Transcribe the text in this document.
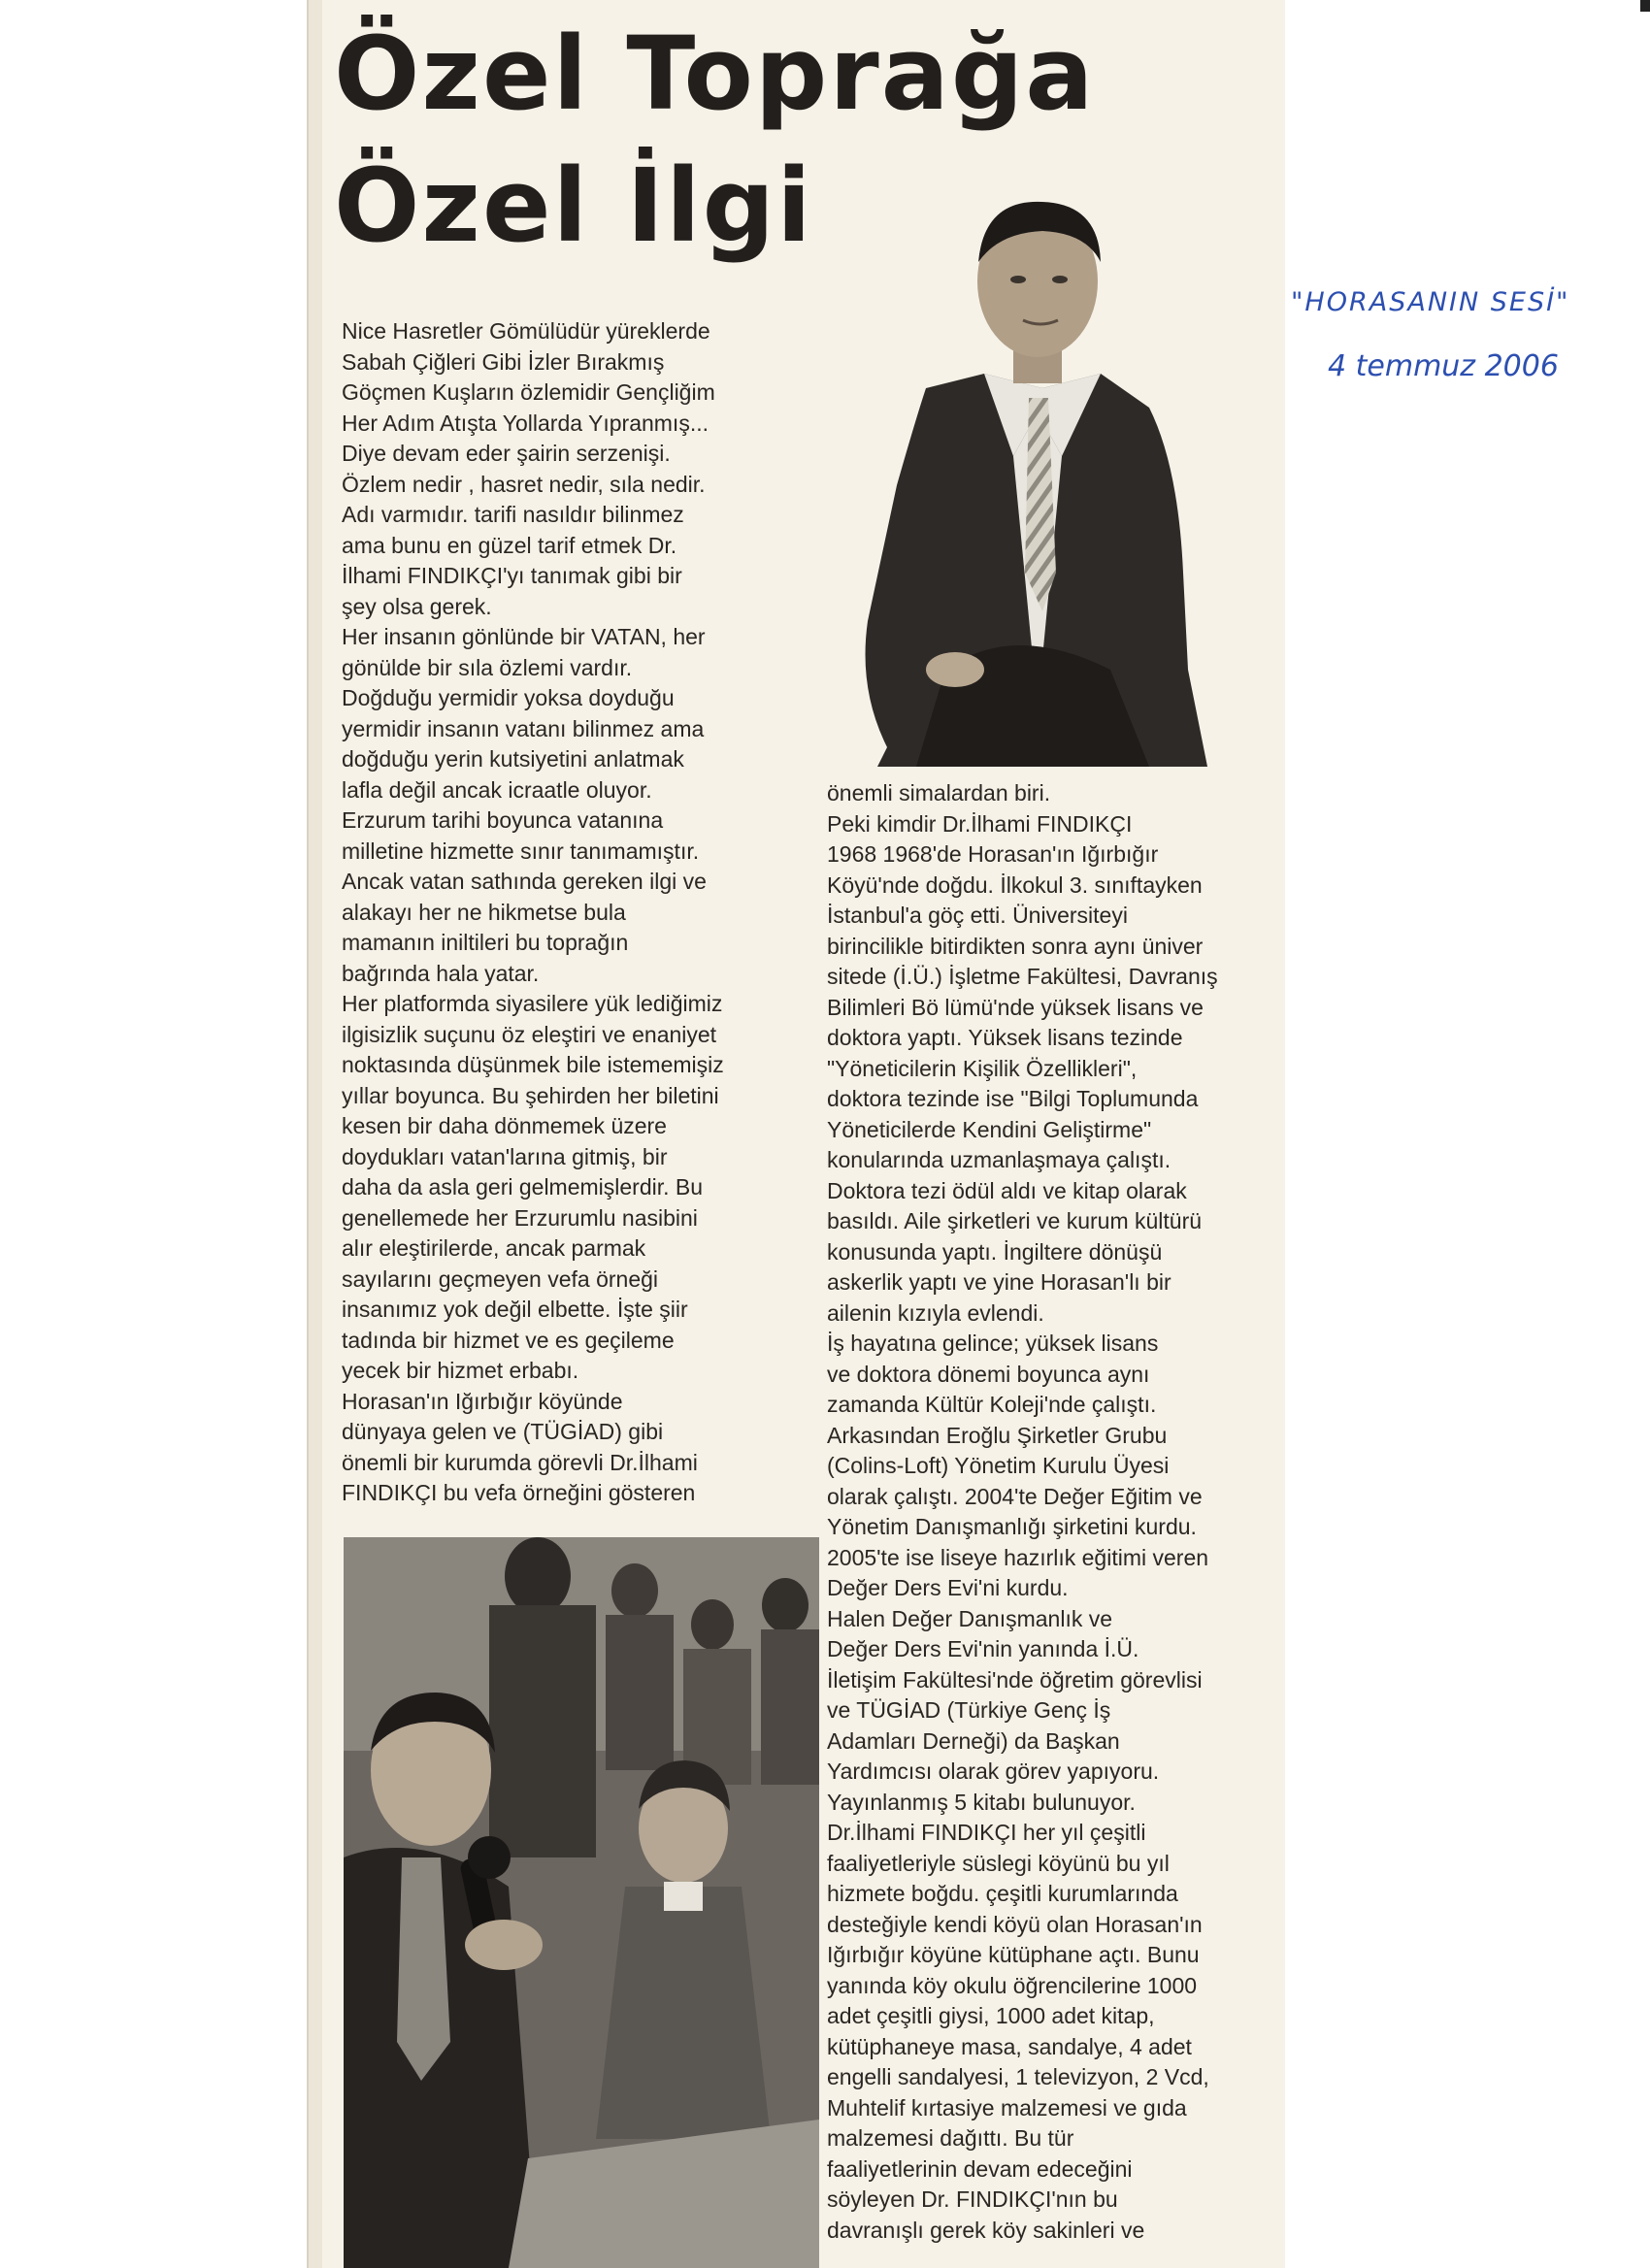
Özel Toprağa
Özel İlgi
Nice Hasretler Gömülüdür yüreklerde
Sabah Çiğleri Gibi İzler Bırakmış
Göçmen Kuşların özlemidir Gençliğim
Her Adım Atışta Yollarda Yıpranmış...
Diye devam eder şairin serzenişi.
Özlem nedir , hasret nedir, sıla nedir.
Adı varmıdır. tarifi nasıldır bilinmez
ama bunu en güzel tarif etmek Dr.
İlhami FINDIKÇI'yı tanımak gibi bir
şey olsa gerek.
Her insanın gönlünde bir VATAN, her
gönülde bir sıla özlemi vardır.
Doğduğu yermidir yoksa doyduğu
yermidir insanın vatanı bilinmez ama
doğduğu yerin kutsiyetini anlatmak
lafla değil ancak icraatle oluyor.
Erzurum tarihi boyunca vatanına
milletine hizmette sınır tanımamıştır.
Ancak vatan sathında gereken ilgi ve
alakayı her ne hikmetse bula
mamanın iniltileri bu toprağın
bağrında hala yatar.
Her platformda siyasilere yük lediğimiz
ilgisizlik suçunu öz eleştiri ve enaniyet
noktasında düşünmek bile istememişiz
yıllar boyunca. Bu şehirden her biletini
kesen bir daha dönmemek üzere
doydukları vatan'larına gitmiş, bir
daha da asla geri gelmemişlerdir. Bu
genellemede her Erzurumlu nasibini
alır eleştirilerde, ancak parmak
sayılarını geçmeyen vefa örneği
insanımız yok değil elbette. İşte şiir
tadında bir hizmet ve es geçileme
yecek bir hizmet erbabı.
Horasan'ın Iğırbığır köyünde
dünyaya gelen ve (TÜGİAD) gibi
önemli bir kurumda görevli Dr.İlhami
FINDIKÇI bu vefa örneğini gösteren
önemli simalardan biri.
Peki kimdir Dr.İlhami FINDIKÇI
1968 1968'de Horasan'ın Iğırbığır
Köyü'nde doğdu. İlkokul 3. sınıftayken
İstanbul'a göç etti. Üniversiteyi
birincilikle bitirdikten sonra aynı üniver
sitede (İ.Ü.) İşletme Fakültesi, Davranış
Bilimleri Bö lümü'nde yüksek lisans ve
doktora yaptı. Yüksek lisans tezinde
"Yöneticilerin Kişilik Özellikleri",
doktora tezinde ise "Bilgi Toplumunda
Yöneticilerde Kendini Geliştirme"
konularında uzmanlaşmaya çalıştı.
Doktora tezi ödül aldı ve kitap olarak
basıldı. Aile şirketleri ve kurum kültürü
konusunda yaptı. İngiltere dönüşü
askerlik yaptı ve yine Horasan'lı bir
ailenin kızıyla evlendi.
İş hayatına gelince; yüksek lisans
ve doktora dönemi boyunca aynı
zamanda Kültür Koleji'nde çalıştı.
Arkasından Eroğlu Şirketler Grubu
(Colins-Loft) Yönetim Kurulu Üyesi
olarak çalıştı. 2004'te Değer Eğitim ve
Yönetim Danışmanlığı şirketini kurdu.
2005'te ise liseye hazırlık eğitimi veren
Değer Ders Evi'ni kurdu.
Halen Değer Danışmanlık ve
Değer Ders Evi'nin yanında İ.Ü.
İletişim Fakültesi'nde öğretim görevlisi
ve TÜGİAD (Türkiye Genç İş
Adamları Derneği) da Başkan
Yardımcısı olarak görev yapıyoru.
Yayınlanmış 5 kitabı bulunuyor.
Dr.İlhami FINDIKÇI her yıl çeşitli
faaliyetleriyle süslegi köyünü bu yıl
hizmete boğdu. çeşitli kurumlarında
desteğiyle kendi köyü olan Horasan'ın
Iğırbığır köyüne kütüphane açtı. Bunu
yanında köy okulu öğrencilerine 1000
adet çeşitli giysi, 1000 adet kitap,
kütüphaneye masa, sandalye, 4 adet
engelli sandalyesi, 1 televizyon, 2 Vcd,
Muhtelif kırtasiye malzemesi ve gıda
malzemesi dağıttı. Bu tür
faaliyetlerinin devam edeceğini
söyleyen Dr. FINDIKÇI'nın bu
davranışlı gerek köy sakinleri ve
"HORASANIN SESİ"
4 temmuz 2006
